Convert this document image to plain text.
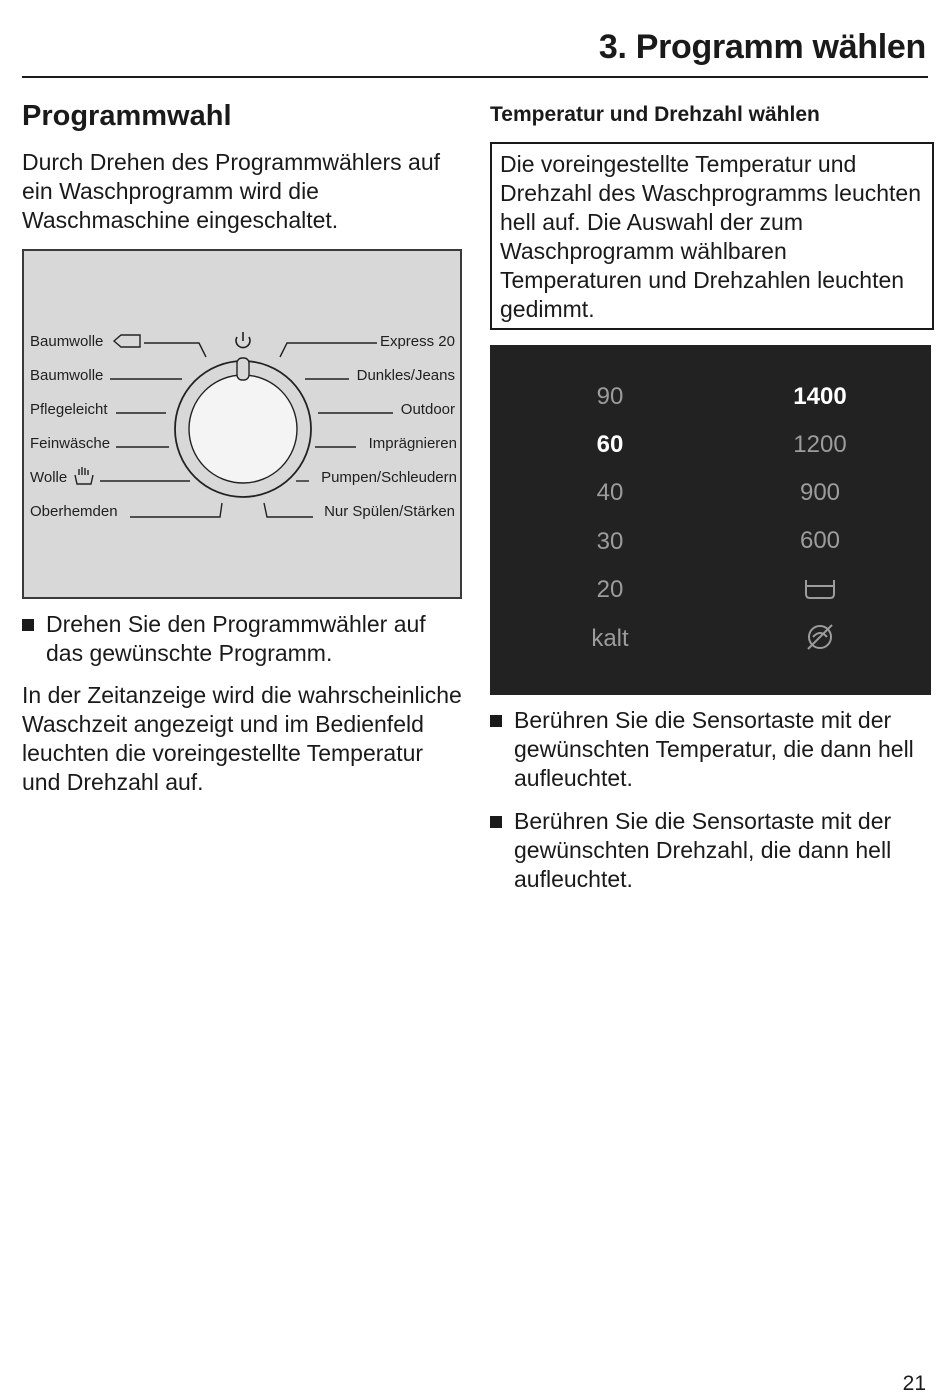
3. Programm wählen
Programmwahl

Durch Drehen des Programmwählers auf ein Waschprogramm wird die Waschmaschine eingeschaltet.

Baumwolle
Baumwolle
Pflegeleicht
Feinwäsche
Wolle
Oberhemden
Express 20
Dunkles/Jeans
Outdoor
Imprägnieren
Pumpen/Schleudern
Nur Spülen/Stärken

Drehen Sie den Programmwähler auf das gewünschte Programm.

In der Zeitanzeige wird die wahrscheinliche Waschzeit angezeigt und im Bedienfeld leuchten die voreingestellte Temperatur und Drehzahl auf.

Temperatur und Drehzahl wählen

Die voreingestellte Temperatur und Drehzahl des Waschprogramms leuchten hell auf. Die Auswahl der zum Waschprogramm wählbaren Temperaturen und Drehzahlen leuchten gedimmt.

90
60
40
30
20
kalt
1400
1200
900
600

Berühren Sie die Sensortaste mit der gewünschten Temperatur, die dann hell aufleuchtet.

Berühren Sie die Sensortaste mit der gewünschten Drehzahl, die dann hell aufleuchtet.

21
